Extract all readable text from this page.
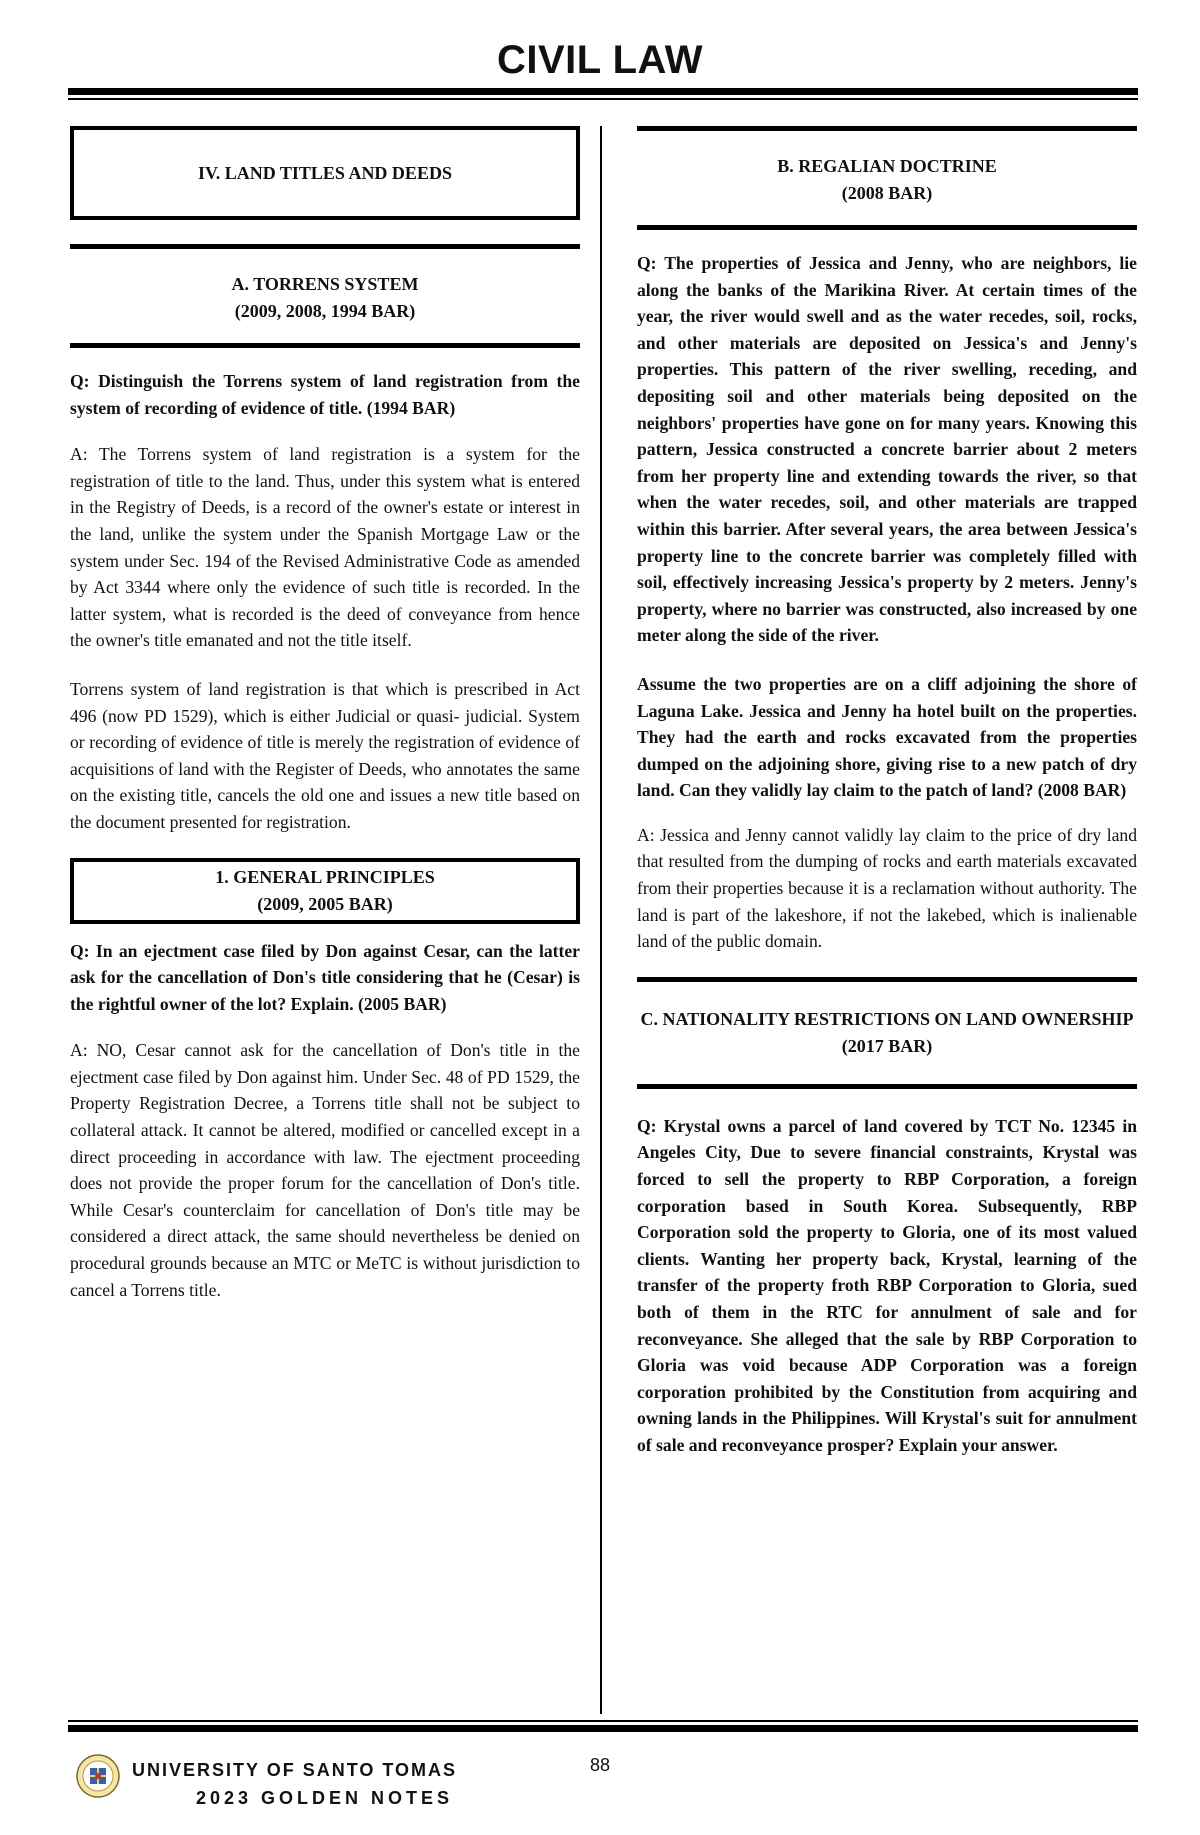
CIVIL LAW
IV. LAND TITLES AND DEEDS
A. TORRENS SYSTEM
(2009, 2008, 1994 BAR)

Q: Distinguish the Torrens system of land registration from the system of recording of evidence of title. (1994 BAR)

A: The Torrens system of land registration is a system for the registration of title to the land. Thus, under this system what is entered in the Registry of Deeds, is a record of the owner's estate or interest in the land, unlike the system under the Spanish Mortgage Law or the system under Sec. 194 of the Revised Administrative Code as amended by Act 3344 where only the evidence of such title is recorded. In the latter system, what is recorded is the deed of conveyance from hence the owner's title emanated and not the title itself.

Torrens system of land registration is that which is prescribed in Act 496 (now PD 1529), which is either Judicial or quasi- judicial. System or recording of evidence of title is merely the registration of evidence of acquisitions of land with the Register of Deeds, who annotates the same on the existing title, cancels the old one and issues a new title based on the document presented for registration.

1. GENERAL PRINCIPLES
(2009, 2005 BAR)

Q: In an ejectment case filed by Don against Cesar, can the latter ask for the cancellation of Don's title considering that he (Cesar) is the rightful owner of the lot? Explain. (2005 BAR)

A: NO, Cesar cannot ask for the cancellation of Don's title in the ejectment case filed by Don against him. Under Sec. 48 of PD 1529, the Property Registration Decree, a Torrens title shall not be subject to collateral attack. It cannot be altered, modified or cancelled except in a direct proceeding in accordance with law. The ejectment proceeding does not provide the proper forum for the cancellation of Don's title. While Cesar's counterclaim for cancellation of Don's title may be considered a direct attack, the same should nevertheless be denied on procedural grounds because an MTC or MeTC is without jurisdiction to cancel a Torrens title.

B. REGALIAN DOCTRINE
(2008 BAR)

Q: The properties of Jessica and Jenny, who are neighbors, lie along the banks of the Marikina River. At certain times of the year, the river would swell and as the water recedes, soil, rocks, and other materials are deposited on Jessica's and Jenny's properties. This pattern of the river swelling, receding, and depositing soil and other materials being deposited on the neighbors' properties have gone on for many years. Knowing this pattern, Jessica constructed a concrete barrier about 2 meters from her property line and extending towards the river, so that when the water recedes, soil, and other materials are trapped within this barrier. After several years, the area between Jessica's property line to the concrete barrier was completely filled with soil, effectively increasing Jessica's property by 2 meters. Jenny's property, where no barrier was constructed, also increased by one meter along the side of the river.

Assume the two properties are on a cliff adjoining the shore of Laguna Lake. Jessica and Jenny ha hotel built on the properties. They had the earth and rocks excavated from the properties dumped on the adjoining shore, giving rise to a new patch of dry land. Can they validly lay claim to the patch of land? (2008 BAR)

A: Jessica and Jenny cannot validly lay claim to the price of dry land that resulted from the dumping of rocks and earth materials excavated from their properties because it is a reclamation without authority. The land is part of the lakeshore, if not the lakebed, which is inalienable land of the public domain.

C. NATIONALITY RESTRICTIONS ON LAND OWNERSHIP
(2017 BAR)

Q: Krystal owns a parcel of land covered by TCT No. 12345 in Angeles City, Due to severe financial constraints, Krystal was forced to sell the property to RBP Corporation, a foreign corporation based in South Korea. Subsequently, RBP Corporation sold the property to Gloria, one of its most valued clients. Wanting her property back, Krystal, learning of the transfer of the property froth RBP Corporation to Gloria, sued both of them in the RTC for annulment of sale and for reconveyance. She alleged that the sale by RBP Corporation to Gloria was void because ADP Corporation was a foreign corporation prohibited by the Constitution from acquiring and owning lands in the Philippines. Will Krystal's suit for annulment of sale and reconveyance prosper? Explain your answer.

UNIVERSITY OF SANTO TOMAS
2023 GOLDEN NOTES
88
